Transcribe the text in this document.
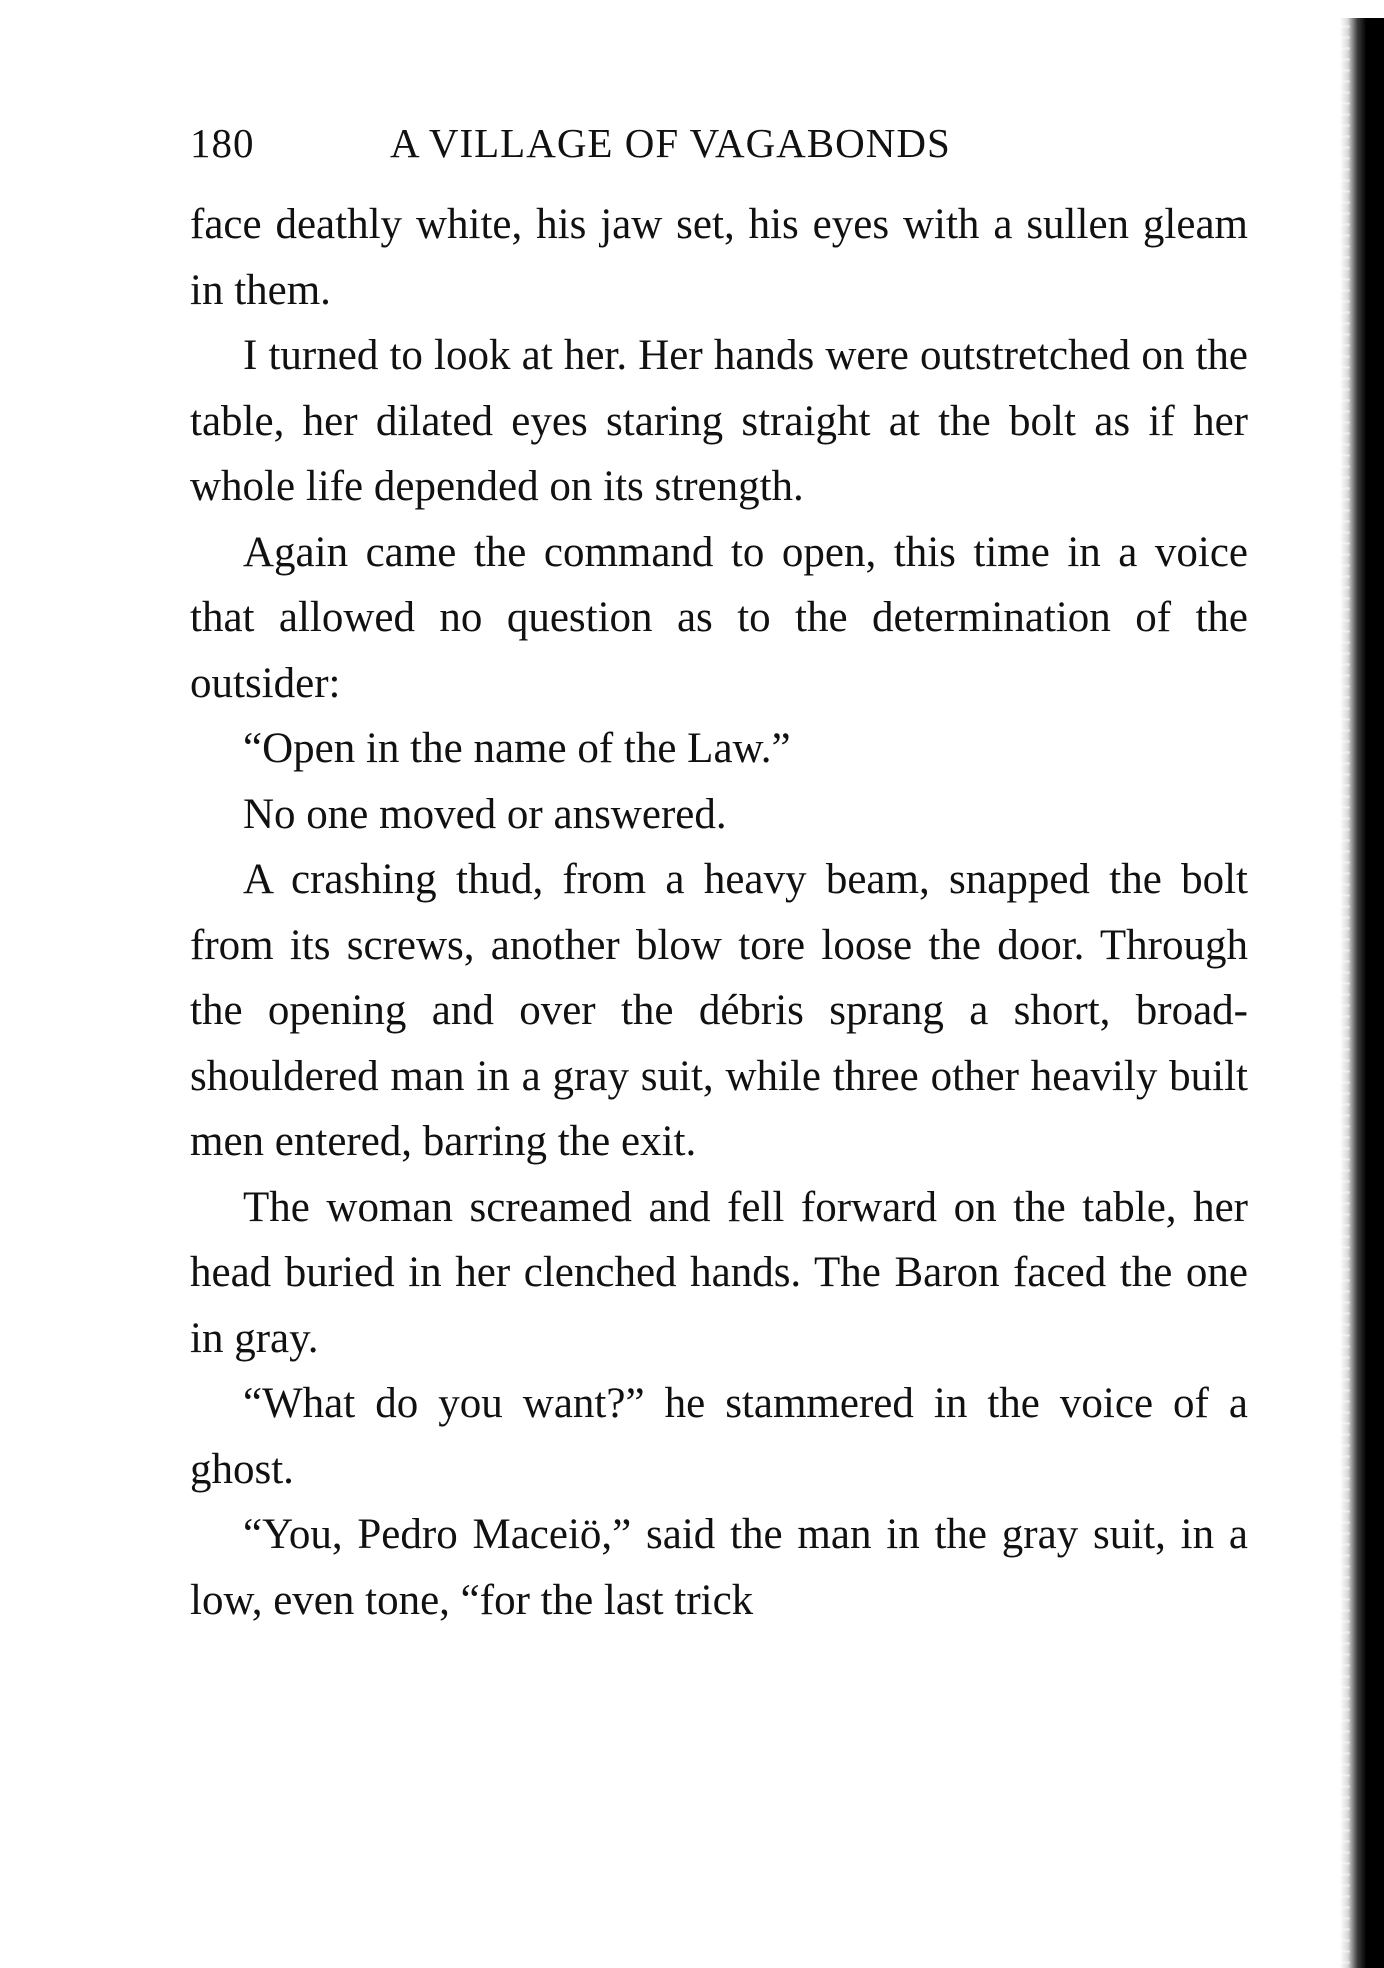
180	A VILLAGE OF VAGABONDS

face deathly white, his jaw set, his eyes with a sullen gleam in them.

I turned to look at her. Her hands were outstretched on the table, her dilated eyes staring straight at the bolt as if her whole life depended on its strength.

Again came the command to open, this time in a voice that allowed no question as to the determination of the outsider:

“Open in the name of the Law.”

No one moved or answered.

A crashing thud, from a heavy beam, snapped the bolt from its screws, another blow tore loose the door. Through the opening and over the débris sprang a short, broad-shouldered man in a gray suit, while three other heavily built men entered, barring the exit.

The woman screamed and fell forward on the table, her head buried in her clenched hands. The Baron faced the one in gray.

“What do you want?” he stammered in the voice of a ghost.

“You, Pedro Maceiö,” said the man in the gray suit, in a low, even tone, “for the last trick
